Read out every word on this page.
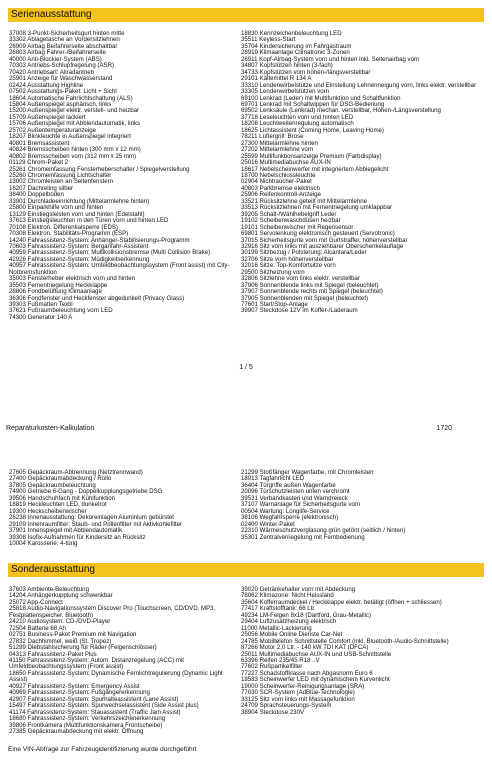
Serienausstattung
37008 3-Punkt-Sicherheitsgurt hinten mitte
33302 Ablagetasche an Vordersitzlehnen
26909 Airbag Beifahrerseite abschaltbar
26803 Airbag Fahrer-/Beifahrerseite
40000 Anti-Blockier-System (ABS)
70303 Antriebs-Schlupfregelung (ASR)
70420 Antriebsart: Allradantrieb
25901 Anzeige für Waschwasserstand
02424 Ausstattung Highline
07502 Ausstattungs-Paket: Licht + Sicht
18604 Automatische Fahrlichtschaltung (ALS)
15804 Außenspiegel asphärisch, links
15200 Außenspiegel elektr. verstell- und heizbar
15709 Außenspiegel lackiert
15706 Außenspiegel mit Abblendautomatik, links
25702 Außentemperaturanzeige
18207 Blinkleuchte in Außenspiegel integriert
40801 Bremsassistent
40824 Bremsscheiben hinten (300 mm x 12 mm)
40802 Bremsscheiben vorn (312 mm x 25 mm)
01129 Chrom-Paket 2
25261 Chromeinfassung Fensterheberschalter / Spiegelverstellung
25260 Chromeinfassung Lichtschalter
13002 Chromleisten an Seitenfenstern
16207 Dachreling silber
38400 Doppelboden
33901 Durchladeeinrichtung (Mittelarmlehne hinten)
25800 Einparkhilfe vorn und hinten
13129 Einstiegsleisten vorn und hinten (Edelstahl)
37613 Einstiegsleuchten in den Türen vorn und hinten LED
70108 Elektron. Differentialsperre (EDS)
70308 Elektron. Stabilitäts-Programm (ESP)
14240 Fahrassistenz-System: Anhänger-Stabilisierungs-Programm
70603 Fahrassistenz-System: Berganfahr-Assistent
40959 Fahrassistenz-System: Multikollisionsbremse (Multi Collision Brake)
42926 Fahrassistenz-System: Müdigkeitserkennung
40957 Fahrassistenz-System: Umfeldbeobachtungssystem (Front assist) mit City-Notbremsfunktion
35003 Fensterheber elektrisch vorn und hinten
35503 Fernentriegelung Heckklappe
28806 Fondbelüftung Klimaanlage
36306 Fondfenster und Heckfenster abgedunkelt (Privacy Glass)
39303 Fußmatten Textil
37621 Fußraumbeleuchtung vorn LED
74300 Generator 140 A
18830 Kennzeichenbeleuchtung LED
35511 Keyless-Start
35704 Kindersicherung im Fahrgastraum
28919 Klimaanlage Climatronic 3-Zonen
26911 Kopf-Airbag-System vorn und hinten inkl. Seitenairbag vorn
34807 Kopfstützen hinten (3-fach)
34733 Kopfstützen vorn höhen-/längsverstellbar
29101 Kältemittel R 134 A
33310 Lendenwirbelstütze und Einstellung Lehnenneigung vorn, links elektr. verstellbar
33305 Lendenwirbelstützen vorn
69100 Lenkrad (Leder) mit Multifunktion und Schaltfunktion
69701 Lenkrad mit Schaltwippen für DSG-Bedienung
69502 Lenksäule (Lenkrad) mechan. verstellbar, Höhen-/Längsverstellung
37718 Leseleuchten vorn und hinten LED
18208 Leuchtweitenregulung automatisch
18625 Lichtassistent (Coming Home, Leaving Home)
78211 Lüftergrill: Brose
27300 Mittelarmlehne hinten
27202 Mittelarmlehne vorn
25599 Multifunktionsanzeige Premium (Farbdisplay)
25016 Multimediabuchse AUX-IN
18617 Nebelscheinwerfer mit integriertem Abbiegelicht
18700 Nebelschlussleuchte
02904 Nichtraucher-Paket
40803 Parkbremse elektrisch
25906 Reifenkontroll-Anzeige
33521 Rücksitzlehne geteilt mit Mittelarmlehne
33513 Rücksitzlehnen mit Fernentriegelung umklappbar
39205 Schalt-/Wählhebelgriff Leder
19102 Scheibenwaschdüsen heizbar
19101 Scheibenwischer mit Regensensor
69801 Servolenkung elektronisch gesteuert (Servotronic)
37015 Sicherheitsgurte vorn mit Gurtstraffer, höhenverstellbar
32916 Sitz vorn links mit ausziehbarer Oberschenkelauflage
30199 Sitzbezug / Polsterung: Alcantara/Leder
32706 Sitze vorn höhenverstellbar
32016 Sitze: Top-Komfortsitze vorn
29500 Sitzheizung vorn
32806 Sitzlehne vorn links elektr. verstellbar
37906 Sonnenblende links mit Spiegel (beleuchtet)
37907 Sonnenblende rechts mit Spiegel (beleuchtet)
37905 Sonnenblenden mit Spiegel (beleuchtet)
77601 Start/Stop-Anlage
39907 Steckdose 12V im Koffer-/Laderaum
1 / 5
Reparaturkosten-Kalkulation	1720
27605 Gepäckraum-Abtrennung (Netztrennwand)
27400 Gepäckraumabdeckung / Rollo
37805 Gepäckraumbeleuchtung
74900 Getriebe 6-Gang - Doppelkupplungsgetriebe DSG
39506 Handschuhfach mit Kühlfunktion
18819 Heckleuchten LED, dunkelrot
19300 Heckscheibenwischer
26238 Innenausstattung: Dekoreinlagen Aluminium gebürstet
29109 Innenraumfilter: Staub- und Pollenfilter mit Aktivkohlefilter
37901 Innenspiegel mit Abblendautomatik
39308 Isofix-Aufnahmen für Kindersitz an Rücksitz
10004 Karosserie: 4-türig
21299 Stoßfänger Wagenfarbe, mit Chromleisten
18913 Tagfahrlicht LED
36404 Türgriffe außen Wagenfarbe
20096 Türschutzleisten unten verchromt
39531 Verbandkasten und Warndreieck
37107 Warnanlage für Sicherheitsgurte vorn
00504 Wartung: Longlife-Service
38106 Wegfahrsperre (elektronisch)
02400 Winter-Paket
22310 Wärmeschutzverglasung grün getönt (seitlich / hinten)
35301 Zentralverriegelung mit Fernbedienung
Sonderausstattung
37603 Ambiente-Beleuchtung
14204 Anhängerkupplung schwenkbar
25072 App-Connect
25818 Audio-Navigationssystem Discover Pro (Touchscreen, CD/DVD, MP3, Festplattenspeicher, Bluetooth)
24210 Audiosystem: CD-/DVD-Player
72504 Batterie 68 Ah
02751 Business-Paket Premium mit Navigation
27832 Dachhimmel, weiß (St. Tropez)
51299 Diebstahlsicherung für Räder (Felgenschlösser)
04313 Fahrassistenz-Paket Plus
41150 Fahrassistenz-System: Autom. Distanzregelung (ACC) mit Umfeldbeobachtungssystem (Front assist)
18650 Fahrassistenz-System: Dynamische Fernlichtregulierung (Dynamic Light Assist)
40927 Fahrassistenz-System: Emergency Assist
40969 Fahrassistenz-System: Fußgängererkennung
42907 Fahrassistenz-System: Spurhalteassistent (Lane Assist)
15497 Fahrassistenz-System: Spurwechselassistent (Side Assist plus)
41174 Fahrassistenz-System: Stauassistent (Traffic Jam Assist)
18680 Fahrassistenz-System: Verkehrszeichenerkennung
39806 Frontkamera (Multifunktionskamera Frontscheibe)
27385 Gepäckraumabdeckung mit elektr. Öffnung
39020 Getränkehalter vorn mit Abdeckung
78062 Klimazone: Nicht Heissland
35604 Kofferraumdeckel / Heckklappe elektr. betätigt (öffnen + schliessen)
77417 Kraftstofftank: 66 Ltr.
49234 LM-Felgen 8x18 (Dartford, Grau-Metallic)
29404 Luftzusatzheizung elektrisch
11000 Metallic-Lackierung
25056 Mobile Online Dienste Car-Net
24785 Mobiltelefon Schnittstelle Comfort (inkl. Bluetooth-/Audio-Schnittstelle)
87266 Motor 2,0 Ltr. - 140 kW TDI KAT (DFCA)
25011 Multimediabuchse AUX-IN und USB-Schnittstelle
63396 Reifen 235/45 R18 ..V
77602 Rußpartikelfilter
77227 Schadstoffklasse nach Abgasnorm Euro 6
18583 Scheinwerfer LED mit dynamischem Kurvenlicht
19000 Scheinwerfer-Reinigungsanlage (SRA)
77030 SCR-System (AdBlue-Technologie)
33125 Sitz vorn links mit Massagefunktion
24709 Sprachsteuerungs-System
38904 Steckdose 230V
Eine VIN-Abfrage zur Fahrzeugidentifizierung wurde durchgeführt
